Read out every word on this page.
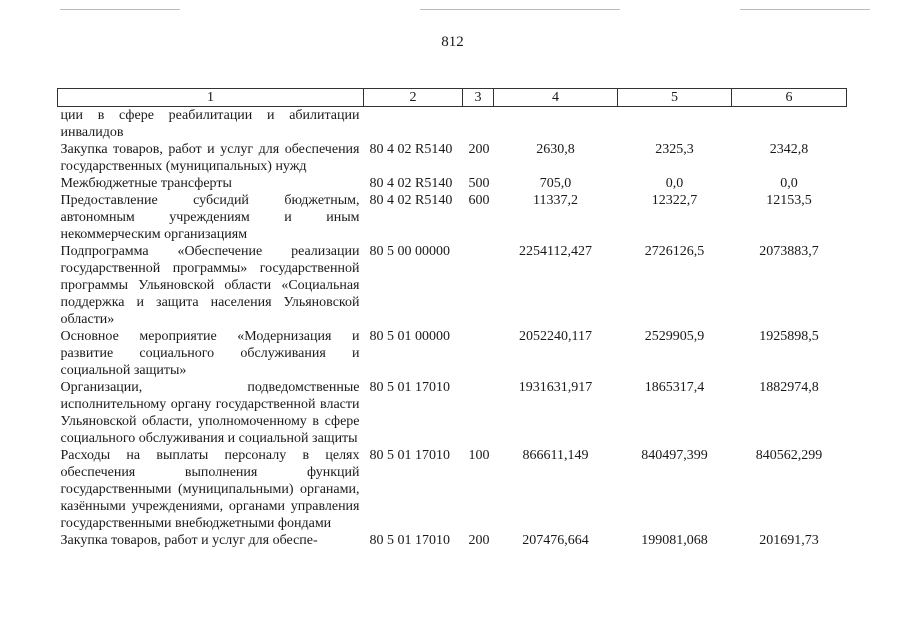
812
1	2	3	4	5	6
ции в сфере реабилитации и абилитации инвалидов					
Закупка товаров, работ и услуг для обеспечения государственных (муниципальных) нужд	80 4 02 R5140	200	2630,8	2325,3	2342,8
Межбюджетные трансферты	80 4 02 R5140	500	705,0	0,0	0,0
Предоставление субсидий бюджетным, автономным учреждениям и иным некоммерческим организациям	80 4 02 R5140	600	11337,2	12322,7	12153,5
Подпрограмма «Обеспечение реализации государственной программы» государственной программы Ульяновской области «Социальная поддержка и защита населения Ульяновской области»	80 5 00 00000		2254112,427	2726126,5	2073883,7
Основное мероприятие «Модернизация и развитие социального обслуживания и социальной защиты»	80 5 01 00000		2052240,117	2529905,9	1925898,5
Организации, подведомственные исполнительному органу государственной власти Ульяновской области, уполномоченному в сфере социального обслуживания и социальной защиты	80 5 01 17010		1931631,917	1865317,4	1882974,8
Расходы на выплаты персоналу в целях обеспечения выполнения функций государственными (муниципальными) органами, казёнными учреждениями, органами управления государственными внебюджетными фондами	80 5 01 17010	100	866611,149	840497,399	840562,299
Закупка товаров, работ и услуг для обеспе-	80 5 01 17010	200	207476,664	199081,068	201691,73
